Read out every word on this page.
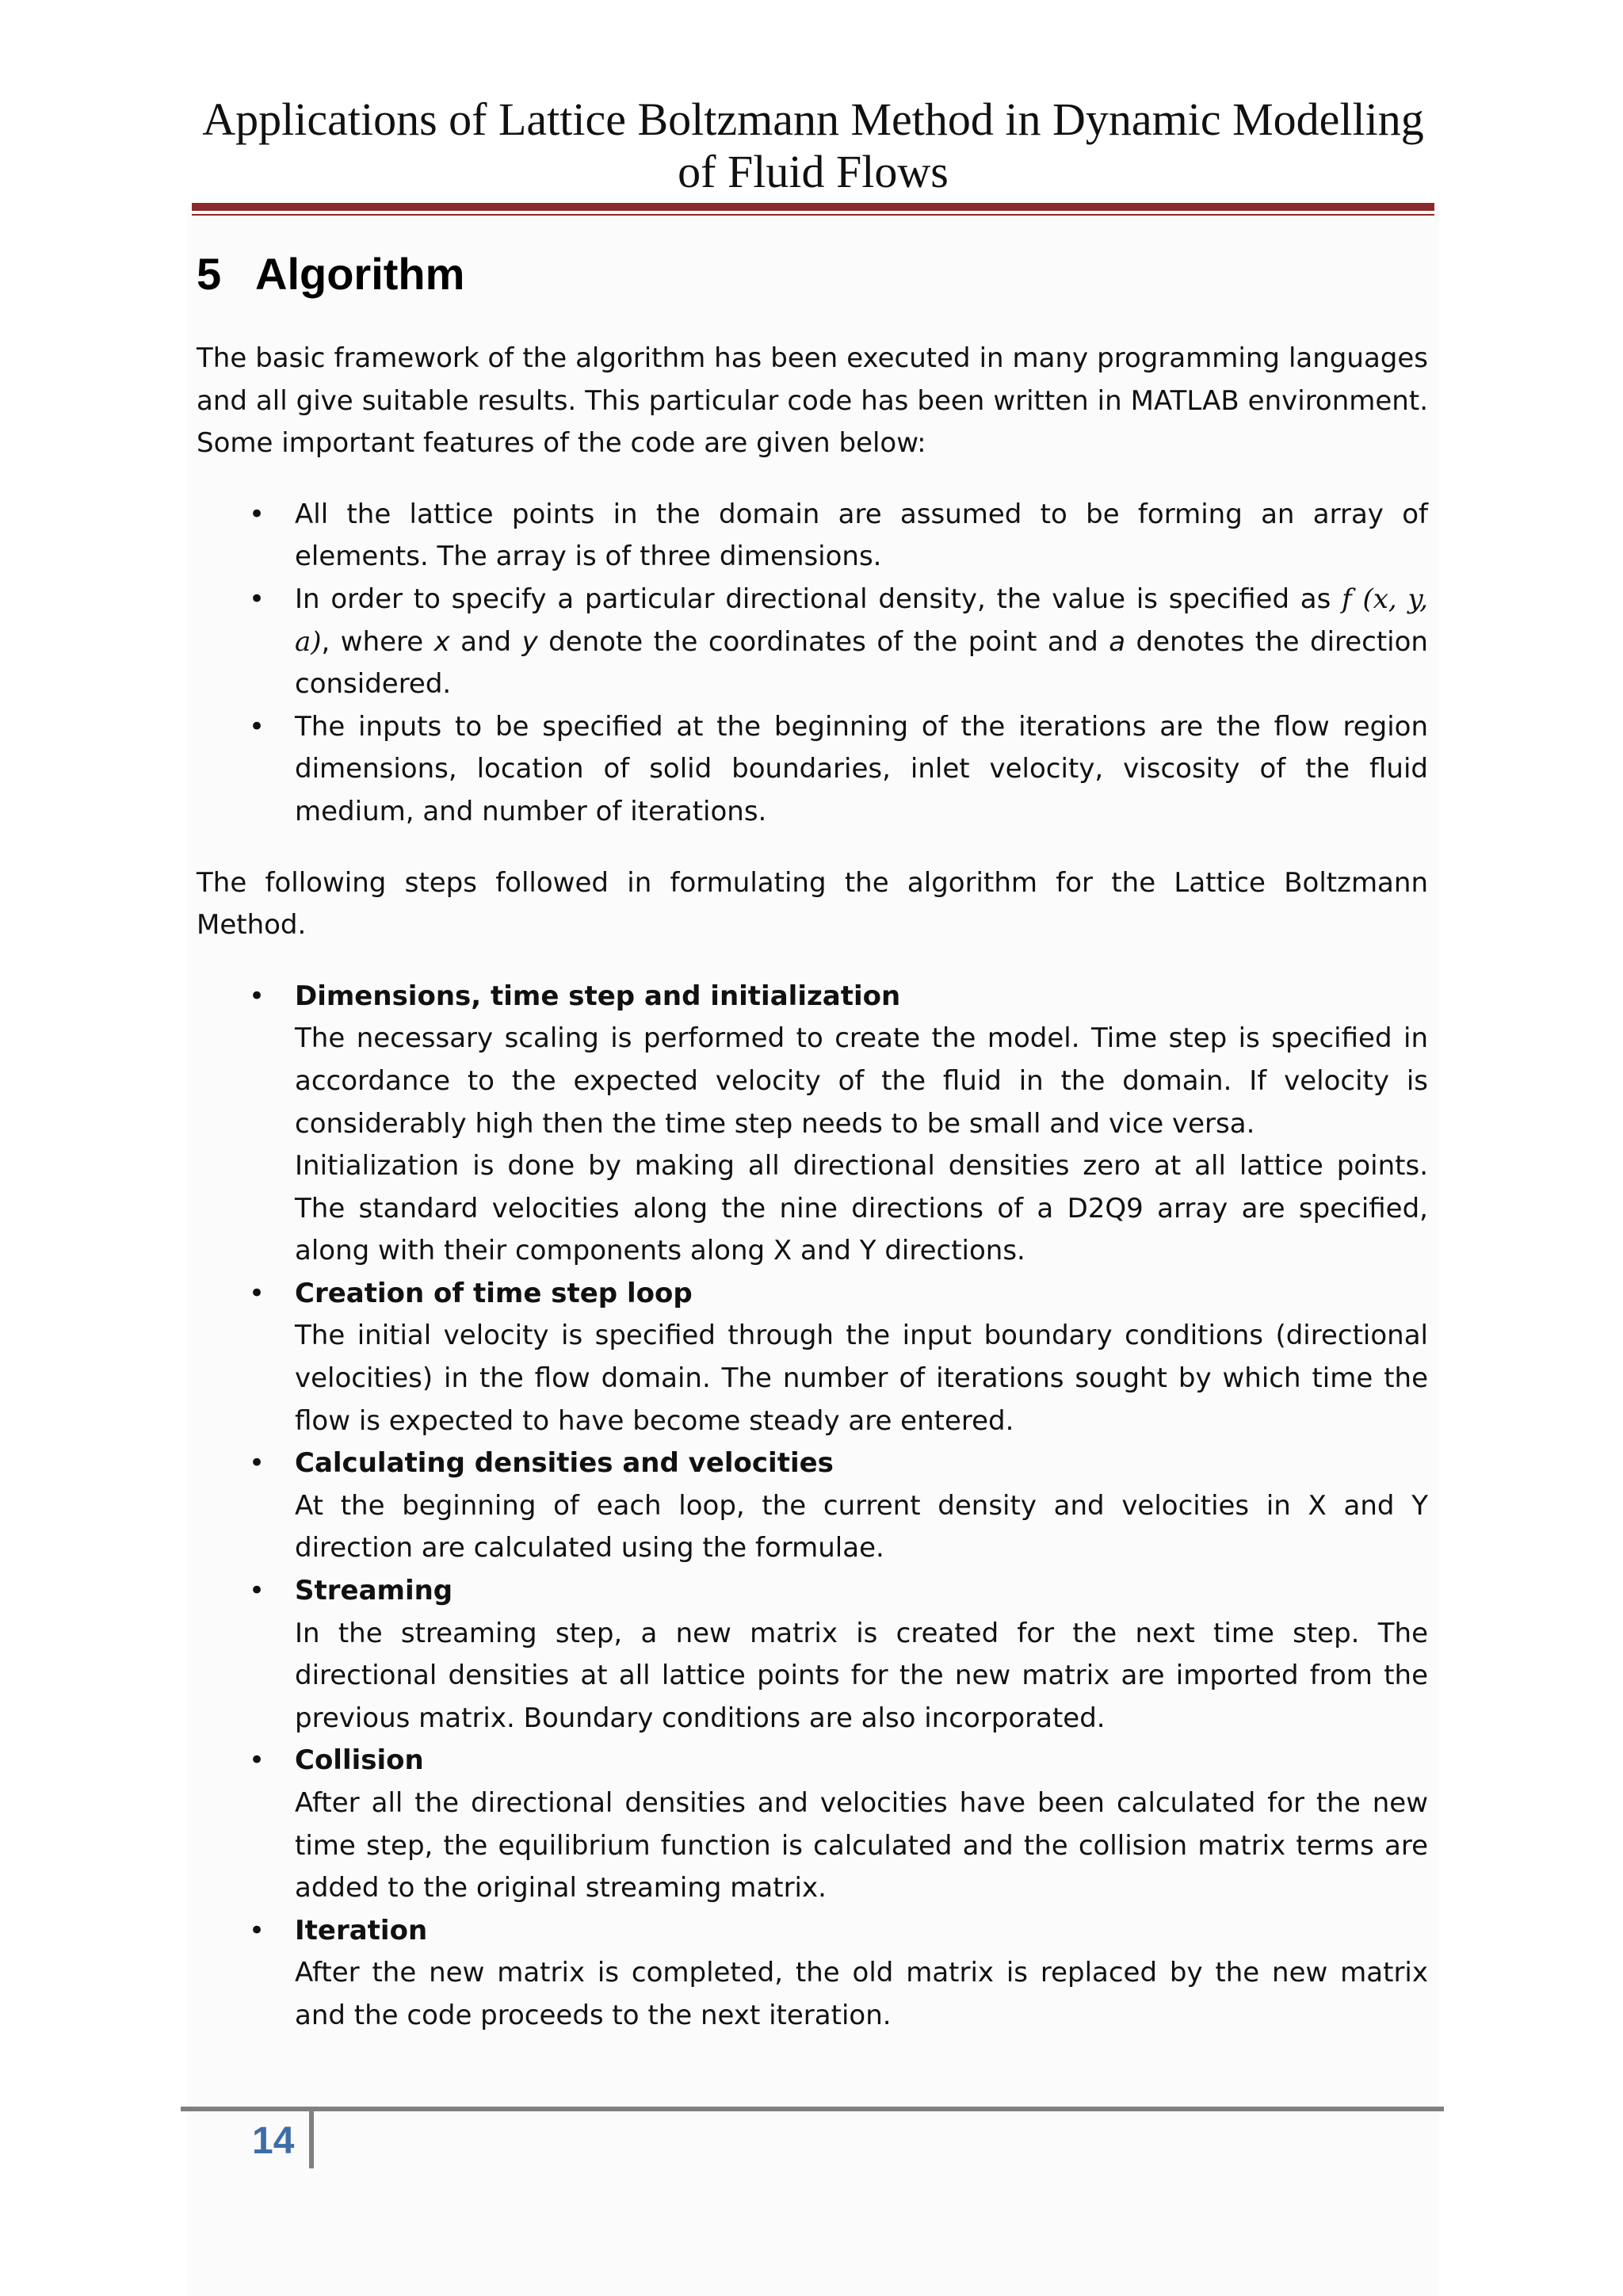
Applications of Lattice Boltzmann Method in Dynamic Modelling
of Fluid Flows
5 Algorithm

The basic framework of the algorithm has been executed in many programming languages and all give suitable results. This particular code has been written in MATLAB environment. Some important features of the code are given below:

• All the lattice points in the domain are assumed to be forming an array of elements. The array is of three dimensions.
• In order to specify a particular directional density, the value is specified as f (x, y, a), where x and y denote the coordinates of the point and a denotes the direction considered.
• The inputs to be specified at the beginning of the iterations are the flow region dimensions, location of solid boundaries, inlet velocity, viscosity of the fluid medium, and number of iterations.

The following steps followed in formulating the algorithm for the Lattice Boltzmann Method.

• Dimensions, time step and initialization
The necessary scaling is performed to create the model. Time step is specified in accordance to the expected velocity of the fluid in the domain. If velocity is considerably high then the time step needs to be small and vice versa.
Initialization is done by making all directional densities zero at all lattice points. The standard velocities along the nine directions of a D2Q9 array are specified, along with their components along X and Y directions.
• Creation of time step loop
The initial velocity is specified through the input boundary conditions (directional velocities) in the flow domain. The number of iterations sought by which time the flow is expected to have become steady are entered.
• Calculating densities and velocities
At the beginning of each loop, the current density and velocities in X and Y direction are calculated using the formulae.
• Streaming
In the streaming step, a new matrix is created for the next time step. The directional densities at all lattice points for the new matrix are imported from the previous matrix. Boundary conditions are also incorporated.
• Collision
After all the directional densities and velocities have been calculated for the new time step, the equilibrium function is calculated and the collision matrix terms are added to the original streaming matrix.
• Iteration
After the new matrix is completed, the old matrix is replaced by the new matrix and the code proceeds to the next iteration.
14
